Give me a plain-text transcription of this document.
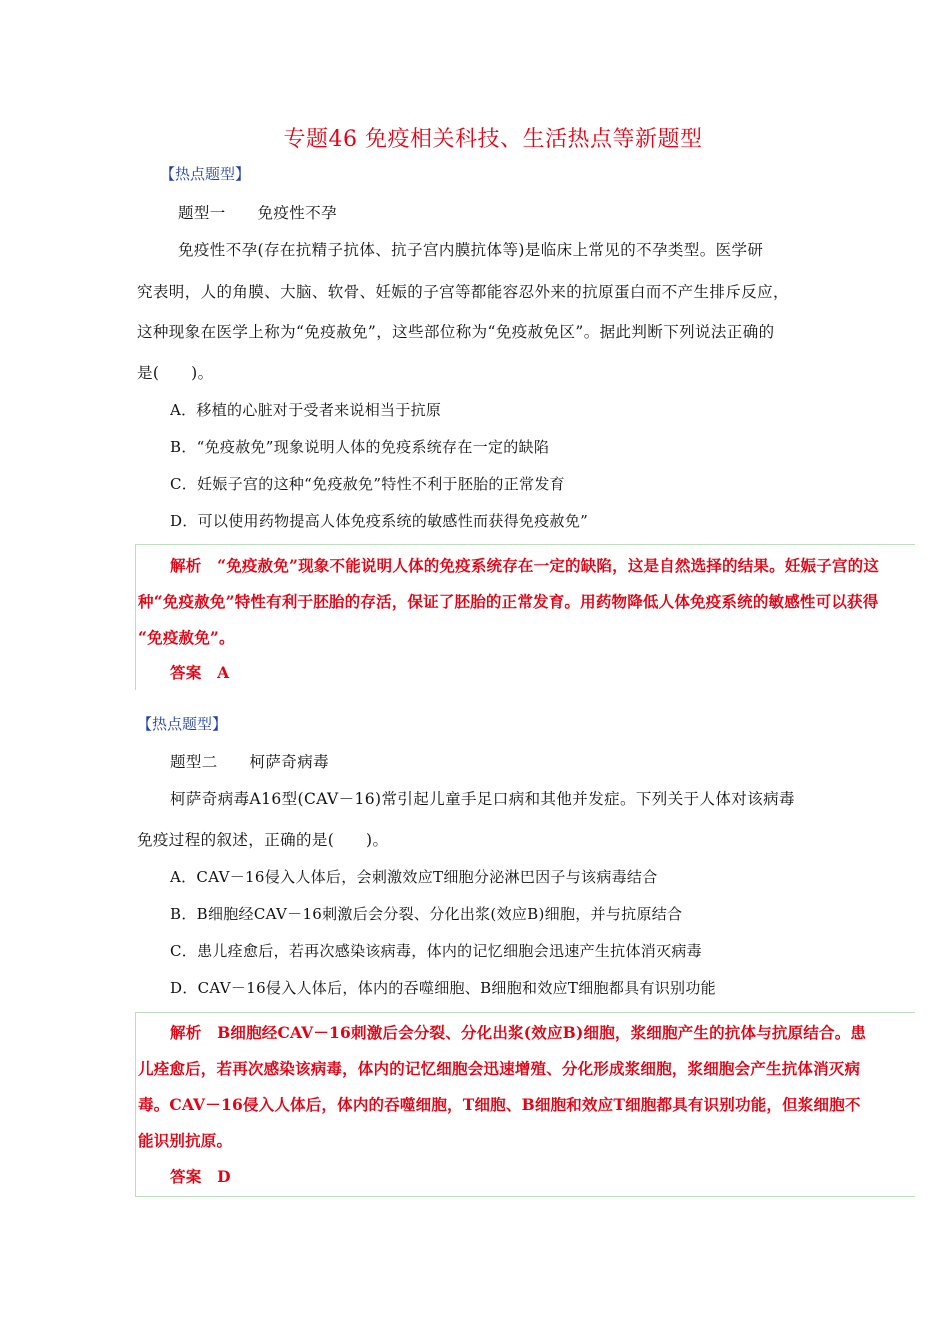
专题46 免疫相关科技、生活热点等新题型
【热点题型】
题型一　　免疫性不孕
免疫性不孕(存在抗精子抗体、抗子宫内膜抗体等)是临床上常见的不孕类型。医学研
究表明，人的角膜、大脑、软骨、妊娠的子宫等都能容忍外来的抗原蛋白而不产生排斥反应，
这种现象在医学上称为“免疫赦免”，这些部位称为“免疫赦免区”。据此判断下列说法正确的
是(　　)。
A．移植的心脏对于受者来说相当于抗原
B．“免疫赦免”现象说明人体的免疫系统存在一定的缺陷
C．妊娠子宫的这种“免疫赦免”特性不利于胚胎的正常发育
D．可以使用药物提高人体免疫系统的敏感性而获得免疫赦免”
解析　“免疫赦免”现象不能说明人体的免疫系统存在一定的缺陷，这是自然选择的结果。妊娠子宫的这
种“免疫赦免”特性有利于胚胎的存活，保证了胚胎的正常发育。用药物降低人体免疫系统的敏感性可以获得
“免疫赦免”。
答案　A
【热点题型】
题型二　　柯萨奇病毒
柯萨奇病毒A16型(CAV－16)常引起儿童手足口病和其他并发症。下列关于人体对该病毒
免疫过程的叙述，正确的是(　　)。
A．CAV－16侵入人体后，会刺激效应T细胞分泌淋巴因子与该病毒结合
B．B细胞经CAV－16刺激后会分裂、分化出浆(效应B)细胞，并与抗原结合
C．患儿痊愈后，若再次感染该病毒，体内的记忆细胞会迅速产生抗体消灭病毒
D．CAV－16侵入人体后，体内的吞噬细胞、B细胞和效应T细胞都具有识别功能
解析　B细胞经CAV－16刺激后会分裂、分化出浆(效应B)细胞，浆细胞产生的抗体与抗原结合。患
儿痊愈后，若再次感染该病毒，体内的记忆细胞会迅速增殖、分化形成浆细胞，浆细胞会产生抗体消灭病
毒。CAV－16侵入人体后，体内的吞噬细胞，T细胞、B细胞和效应T细胞都具有识别功能，但浆细胞不
能识别抗原。
答案　D
